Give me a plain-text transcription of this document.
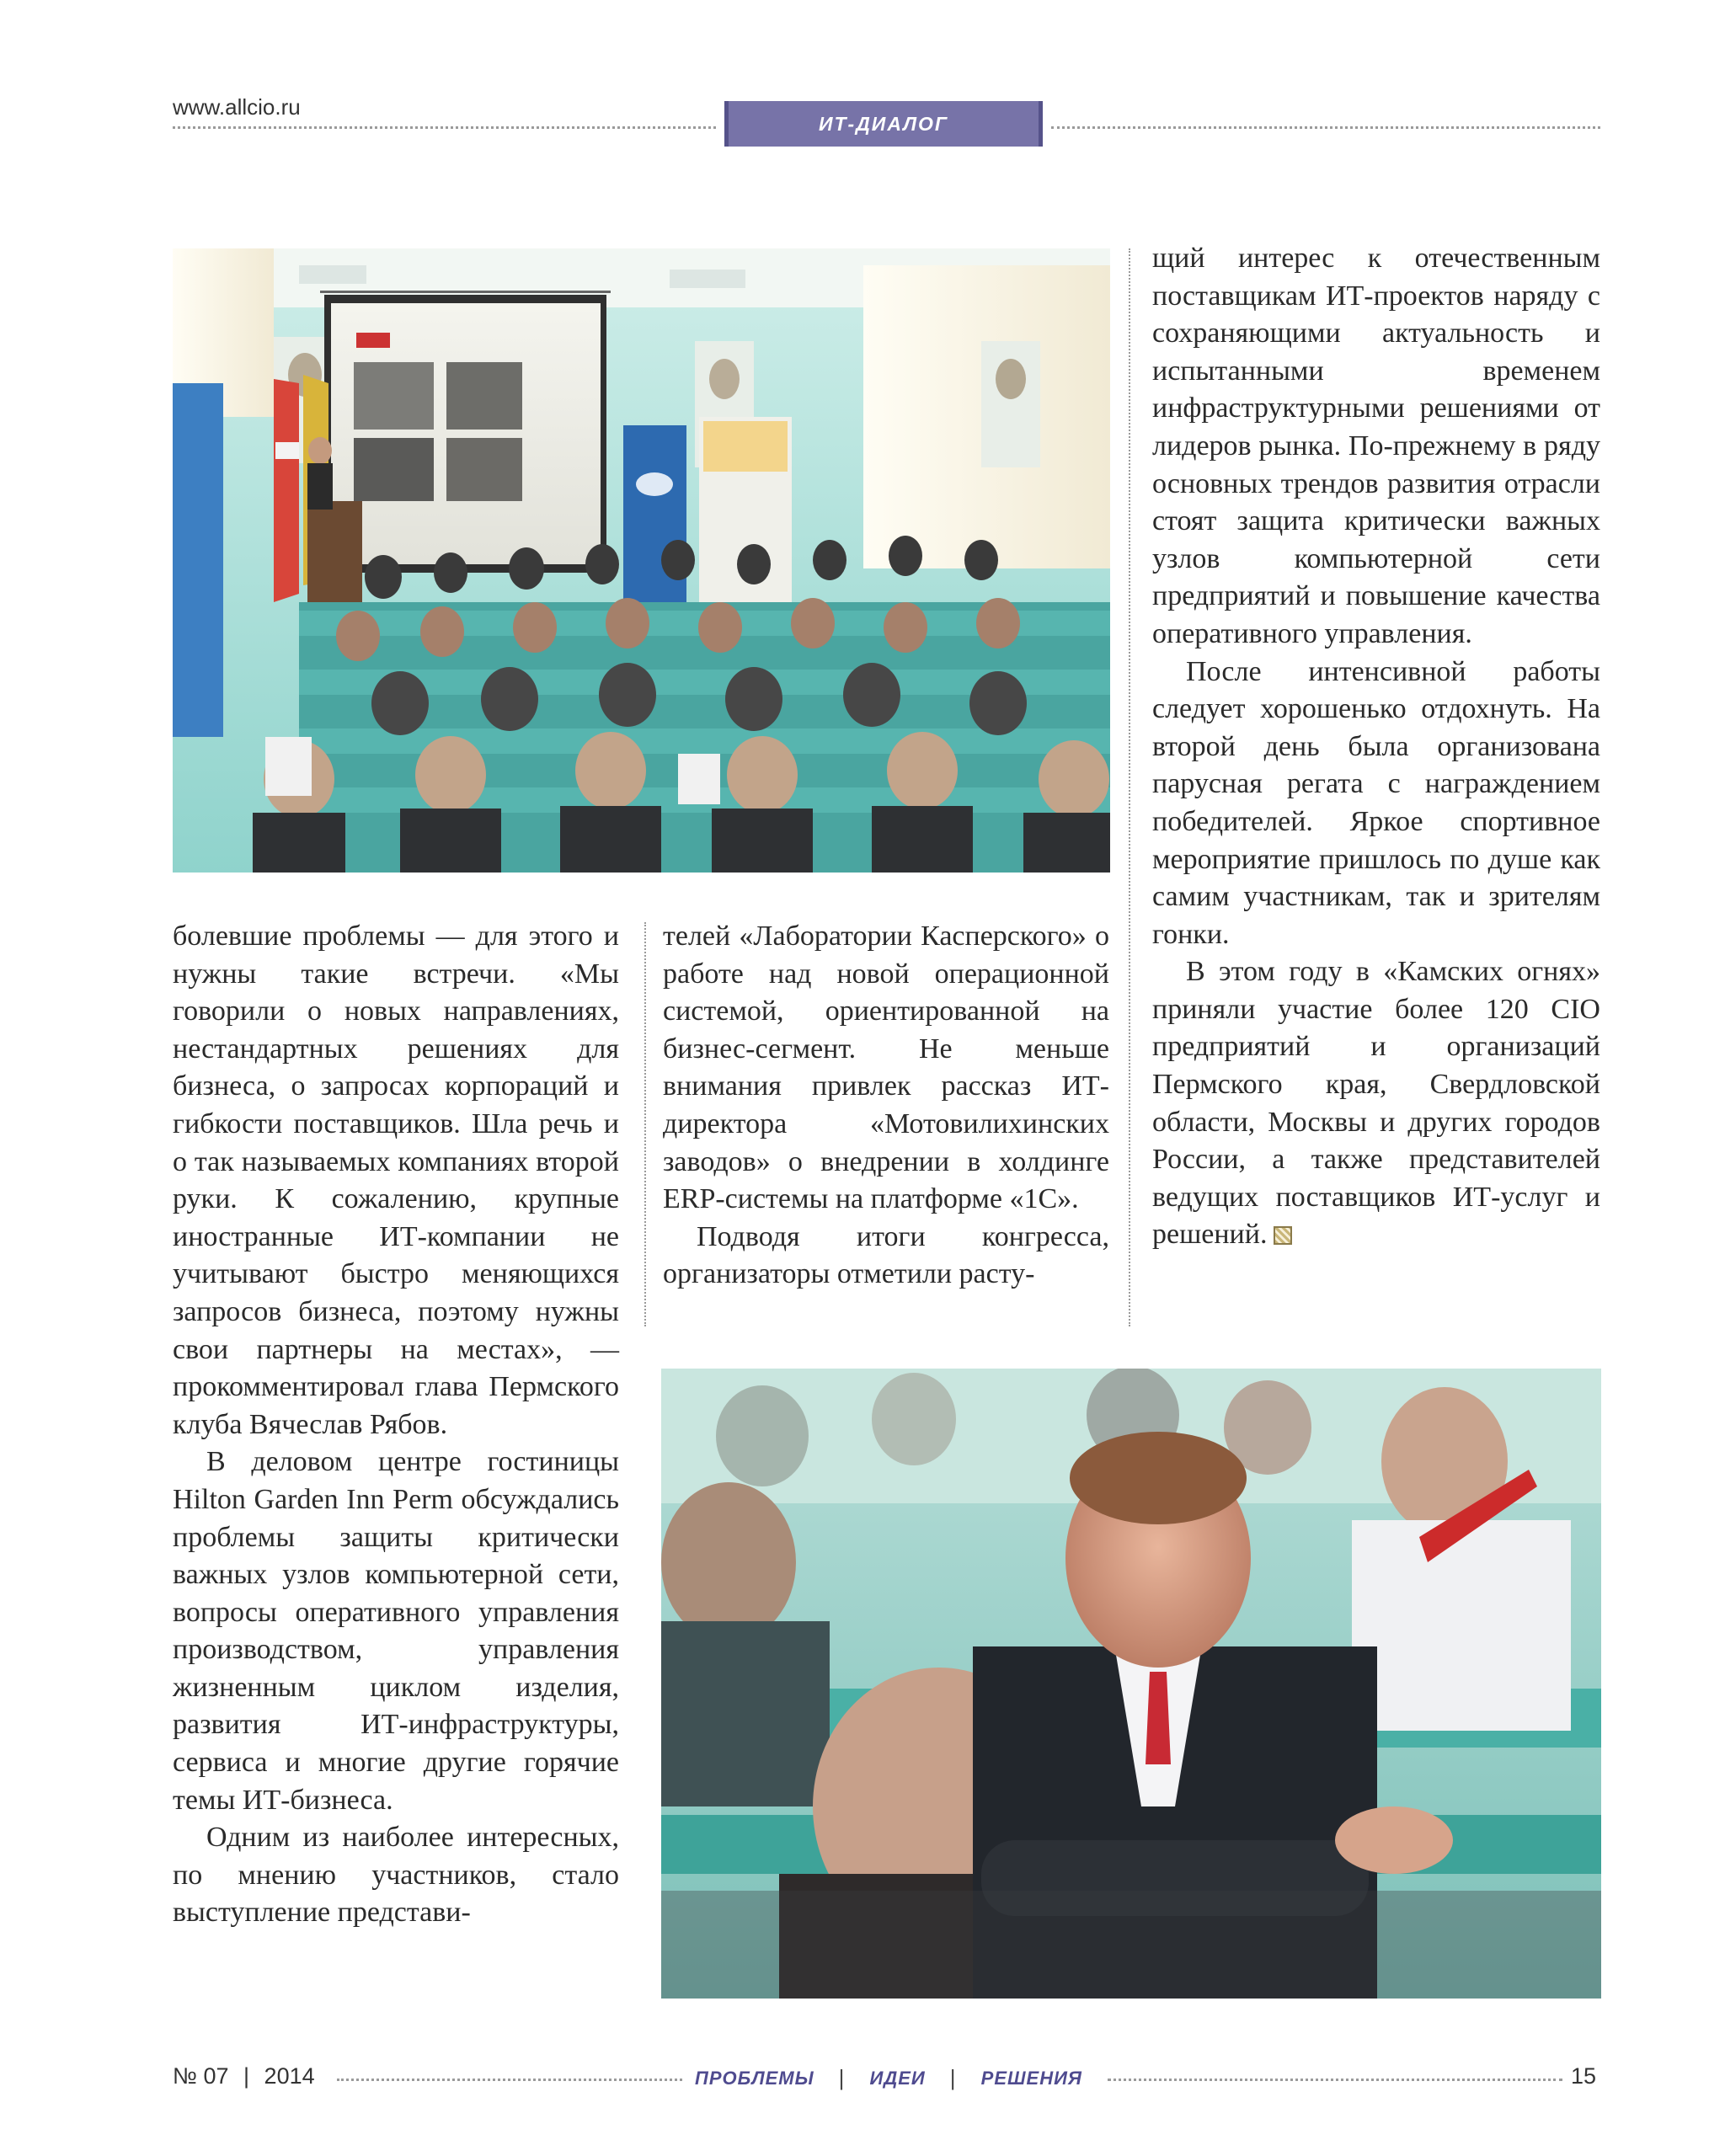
www.allcio.ru
ИТ-ДИАЛОГ

болевшие проблемы — для этого и нужны такие встречи. «Мы говорили о новых направлениях, нестандартных решениях для бизнеса, о запросах корпораций и гибкости поставщиков. Шла речь и о так называемых компаниях второй руки. К сожалению, крупные иностранные ИТ-компании не учитывают быстро меняющихся запросов бизнеса, поэтому нужны свои партнеры на местах», — прокомментировал глава Пермского клуба Вячеслав Рябов.

В деловом центре гостиницы Hilton Garden Inn Perm обсуждались проблемы защиты критически важных узлов компьютерной сети, вопросы оперативного управления производством, управления жизненным циклом изделия, развития ИТ-инфраструктуры, сервиса и многие другие горячие темы ИТ-бизнеса.

Одним из наиболее интересных, по мнению участников, стало выступление представи-

телей «Лаборатории Касперского» о работе над новой операционной системой, ориентированной на бизнес-сегмент. Не меньше внимания привлек рассказ ИТ-директора «Мотовилихинских заводов» о внедрении в холдинге ERP-системы на платформе «1С».

Подводя итоги конгресса, организаторы отметили расту-

щий интерес к отечественным поставщикам ИТ-проектов наряду с сохраняющими актуальность и испытанными временем инфраструктурными решениями от лидеров рынка. По-прежнему в ряду основных трендов развития отрасли стоят защита критически важных узлов компьютерной сети предприятий и повышение качества оперативного управления.

После интенсивной работы следует хорошенько отдохнуть. На второй день была организована парусная регата с награждением победителей. Яркое спортивное мероприятие пришлось по душе как самим участникам, так и зрителям гонки.

В этом году в «Камских огнях» приняли участие более 120 CIO предприятий и организаций Пермского края, Свердловской области, Москвы и других городов России, а также представителей ведущих поставщиков ИТ-услуг и решений.

№ 07 | 2014	ПРОБЛЕМЫ | ИДЕИ | РЕШЕНИЯ	15
